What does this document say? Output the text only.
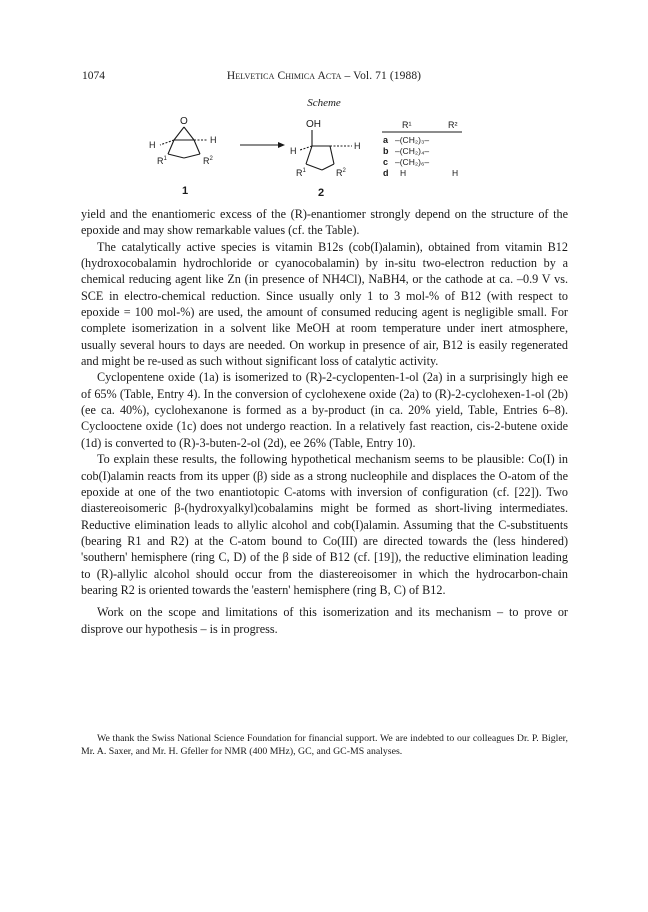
1074	Helvetica Chimica Acta – Vol. 71 (1988)
Scheme
O
H	H
$R^1$	$R^2$
1
OH
H	H
$R^1$	$R^2$
2
R¹	R²
a –(CH₂)₃–
b –(CH₂)₄–
c –(CH₂)₆–
d H	H

yield and the enantiomeric excess of the (R)-enantiomer strongly depend on the structure of the epoxide and may show remarkable values (cf. the Table).

The catalytically active species is vitamin B12s (cob(I)alamin), obtained from vitamin B12 (hydroxocobalamin hydrochloride or cyanocobalamin) by in-situ two-electron reduction by a chemical reducing agent like Zn (in presence of NH4Cl), NaBH4, or the cathode at ca. –0.9 V vs. SCE in electro-chemical reduction. Since usually only 1 to 3 mol-% of B12 (with respect to epoxide = 100 mol-%) are used, the amount of consumed reducing agent is negligible small. For complete isomerization in a solvent like MeOH at room temperature under inert atmosphere, usually several hours to days are needed. On workup in presence of air, B12 is easily regenerated and might be re-used as such without significant loss of catalytic activity.

Cyclopentene oxide (1a) is isomerized to (R)-2-cyclopenten-1-ol (2a) in a surprisingly high ee of 65% (Table, Entry 4). In the conversion of cyclohexene oxide (2a) to (R)-2-cyclohexen-1-ol (2b) (ee ca. 40%), cyclohexanone is formed as a by-product (in ca. 20% yield, Table, Entries 6–8). Cyclooctene oxide (1c) does not undergo reaction. In a relatively fast reaction, cis-2-butene oxide (1d) is converted to (R)-3-buten-2-ol (2d), ee 26% (Table, Entry 10).

To explain these results, the following hypothetical mechanism seems to be plausible: Co(I) in cob(I)alamin reacts from its upper (β) side as a strong nucleophile and displaces the O-atom of the epoxide at one of the two enantiotopic C-atoms with inversion of configuration (cf. [22]). Two diastereoisomeric β-(hydroxyalkyl)cobalamins might be formed as short-living intermediates. Reductive elimination leads to allylic alcohol and cob(I)alamin. Assuming that the C-substituents (bearing R1 and R2) at the C-atom bound to Co(III) are directed towards the (less hindered) 'southern' hemisphere (ring C, D) of the β side of B12 (cf. [19]), the reductive elimination leading to (R)-allylic alcohol should occur from the diastereoisomer in which the hydrocarbon-chain bearing R2 is oriented towards the 'eastern' hemisphere (ring B, C) of B12.

Work on the scope and limitations of this isomerization and its mechanism – to prove or disprove our hypothesis – is in progress.

We thank the Swiss National Science Foundation for financial support. We are indebted to our colleagues Dr. P. Bigler, Mr. A. Saxer, and Mr. H. Gfeller for NMR (400 MHz), GC, and GC-MS analyses.
